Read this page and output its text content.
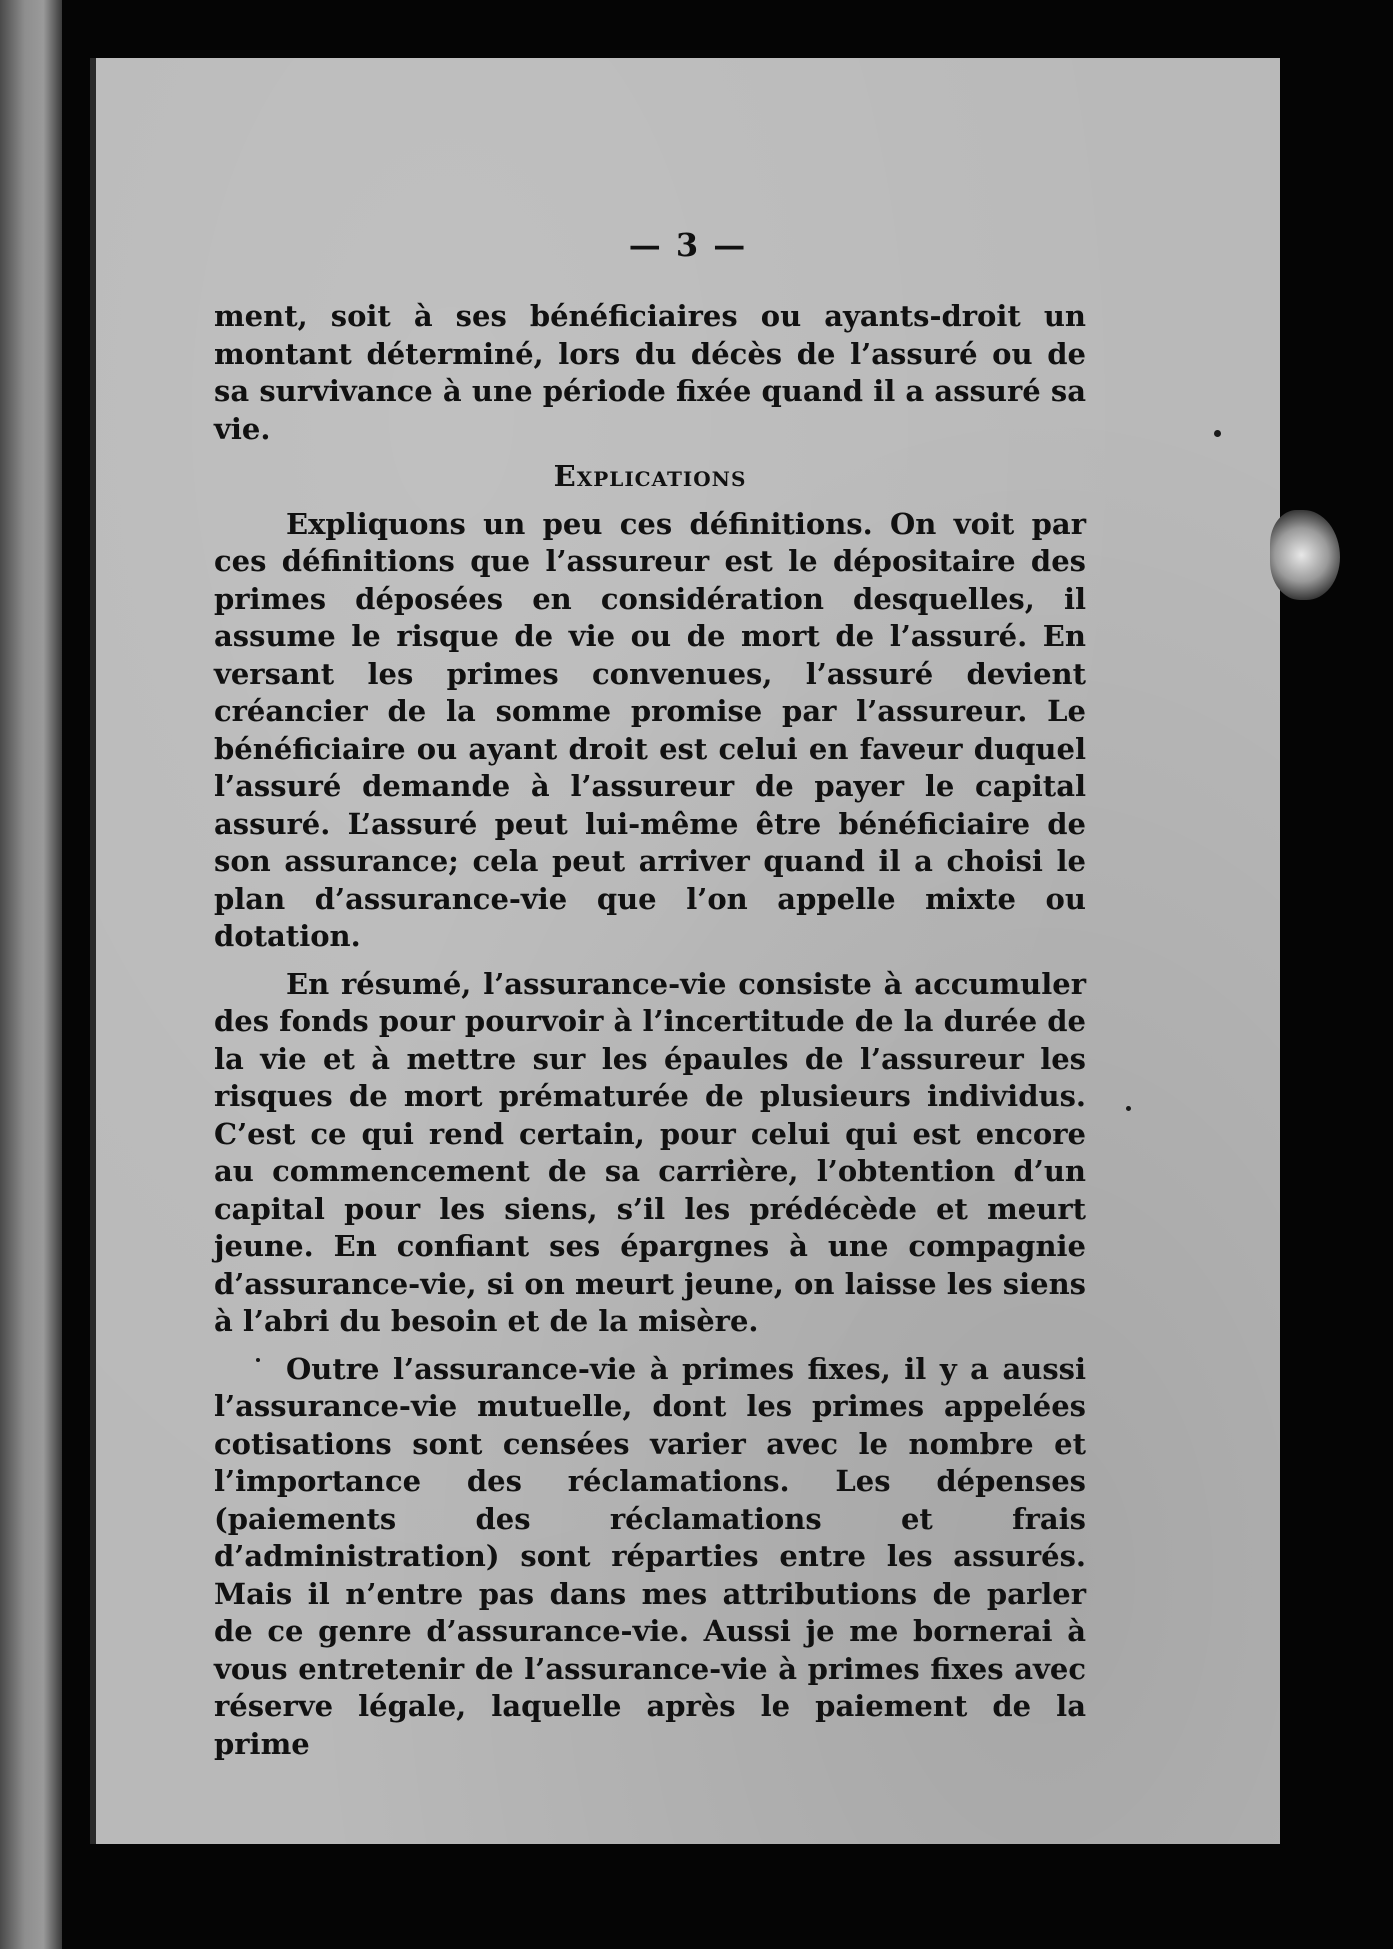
— 3 —

ment, soit à ses bénéficiaires ou ayants-droit un montant déterminé, lors du décès de l’assuré ou de sa survivance à une période fixée quand il a assuré sa vie.

Explications

Expliquons un peu ces définitions. On voit par ces définitions que l’assureur est le dépositaire des primes déposées en considération desquelles, il assume le risque de vie ou de mort de l’assuré. En versant les primes convenues, l’assuré devient créancier de la somme promise par l’assureur. Le bénéficiaire ou ayant droit est celui en faveur duquel l’assuré demande à l’assureur de payer le capital assuré. L’assuré peut lui-même être bénéficiaire de son assurance; cela peut arriver quand il a choisi le plan d’assurance-vie que l’on appelle mixte ou dotation.

En résumé, l’assurance-vie consiste à accumuler des fonds pour pourvoir à l’incertitude de la durée de la vie et à mettre sur les épaules de l’assureur les risques de mort prématurée de plusieurs individus. C’est ce qui rend certain, pour celui qui est encore au commencement de sa carrière, l’obtention d’un capital pour les siens, s’il les prédécède et meurt jeune. En confiant ses épargnes à une compagnie d’assurance-vie, si on meurt jeune, on laisse les siens à l’abri du besoin et de la misère.

Outre l’assurance-vie à primes fixes, il y a aussi l’assurance-vie mutuelle, dont les primes appelées cotisations sont censées varier avec le nombre et l’importance des réclamations. Les dépenses (paiements des réclamations et frais d’administration) sont réparties entre les assurés. Mais il n’entre pas dans mes attributions de parler de ce genre d’assurance-vie. Aussi je me bornerai à vous entretenir de l’assurance-vie à primes fixes avec réserve légale, laquelle après le paiement de la prime
